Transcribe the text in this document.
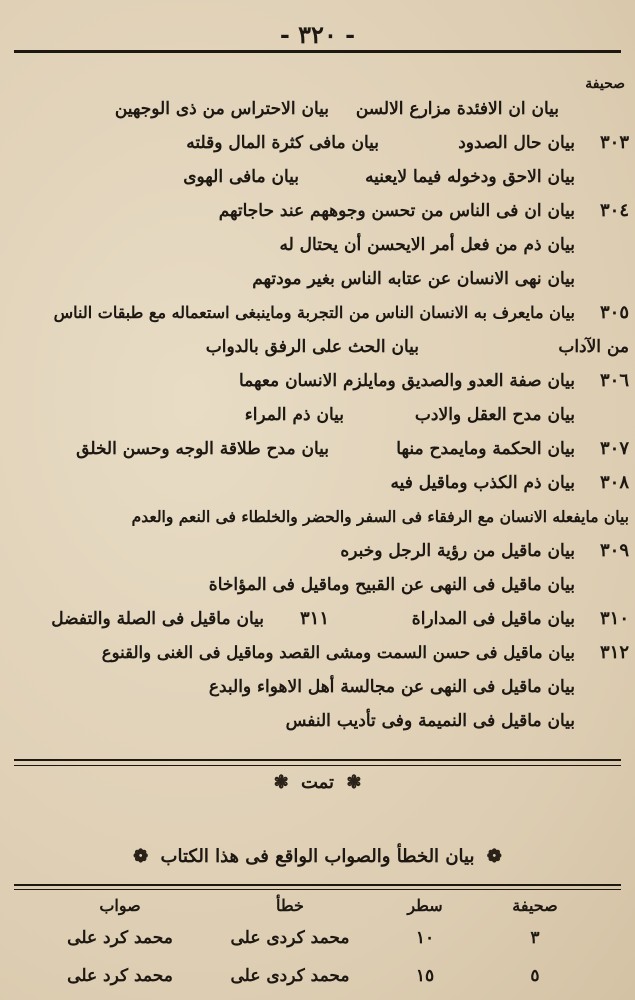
- ٣٢٠ -
صحيفة
بيان ان الافئدة مزارع الالسن
بيان الاحتراس من ذى الوجهين
٣٠٣
بيان حال الصدود
بيان مافى كثرة المال وقلته
بيان الاحق ودخوله فيما لايعنيه
بيان مافى الهوى
٣٠٤
بيان ان فى الناس من تحسن وجوههم عند حاجاتهم
بيان ذم من فعل أمر الايحسن أن يحتال له
بيان نهى الانسان عن عتابه الناس بغير مودتهم
٣٠٥
بيان مايعرف به الانسان الناس من التجربة وماينبغى استعماله مع طبقات الناس
من الآداب
بيان الحث على الرفق بالدواب
٣٠٦
بيان صفة العدو والصديق ومايلزم الانسان معهما
بيان مدح العقل والادب
بيان ذم المراء
٣٠٧
بيان الحكمة ومايمدح منها
بيان مدح طلاقة الوجه وحسن الخلق
٣٠٨
بيان ذم الكذب وماقيل فيه
بيان مايفعله الانسان مع الرفقاء فى السفر والحضر والخلطاء فى النعم والعدم
٣٠٩
بيان ماقيل من رؤية الرجل وخبره
بيان ماقيل فى النهى عن القبيح وماقيل فى المؤاخاة
٣١٠
بيان ماقيل فى المداراة
٣١١
بيان ماقيل فى الصلة والتفضل
٣١٢
بيان ماقيل فى حسن السمت ومشى القصد وماقيل فى الغنى والقنوع
بيان ماقيل فى النهى عن مجالسة أهل الاهواء والبدع
بيان ماقيل فى النميمة وفى تأديب النفس
❃ تمت ❃
❁ بيان الخطأ والصواب الواقع فى هذا الكتاب ❁
صحيفة
سطر
خطأ
صواب
٣
١٠
محمد كردى على
محمد كرد على
٥
١٥
محمد كردى على
محمد كرد على
